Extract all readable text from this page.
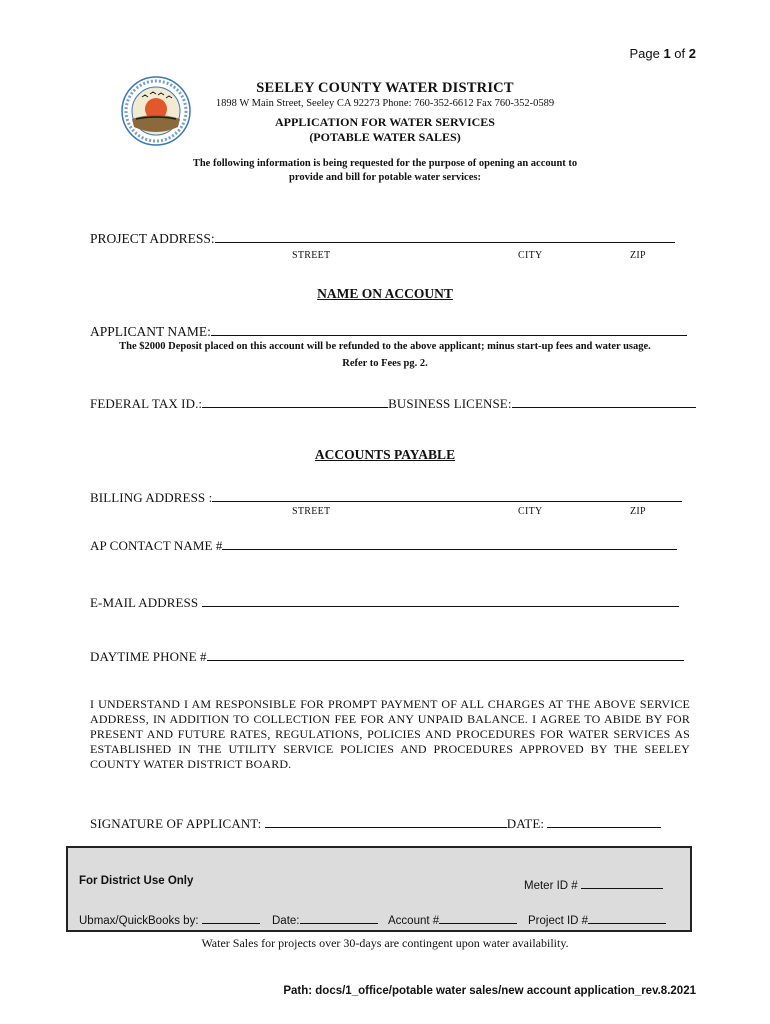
Page 1 of 2
SEELEY COUNTY WATER DISTRICT
1898 W Main Street, Seeley CA 92273 Phone: 760-352-6612 Fax 760-352-0589
APPLICATION FOR WATER SERVICES
(POTABLE WATER SALES)
The following information is being requested for the purpose of opening an account to
provide and bill for potable water services:
PROJECT ADDRESS:
STREET	CITY	ZIP
NAME ON ACCOUNT
APPLICANT NAME:
The $2000 Deposit placed on this account will be refunded to the above applicant; minus start-up fees and water usage.
Refer to Fees pg. 2.
FEDERAL TAX ID.:	BUSINESS LICENSE:
ACCOUNTS PAYABLE
BILLING ADDRESS :
STREET	CITY	ZIP
AP CONTACT NAME #
E-MAIL ADDRESS
DAYTIME PHONE #
I UNDERSTAND I AM RESPONSIBLE FOR PROMPT PAYMENT OF ALL CHARGES AT THE ABOVE SERVICE ADDRESS, IN ADDITION TO COLLECTION FEE FOR ANY UNPAID BALANCE. I AGREE TO ABIDE BY FOR PRESENT AND FUTURE RATES, REGULATIONS, POLICIES AND PROCEDURES FOR WATER SERVICES AS ESTABLISHED IN THE UTILITY SERVICE POLICIES AND PROCEDURES APPROVED BY THE SEELEY COUNTY WATER DISTRICT BOARD.
SIGNATURE OF APPLICANT:	DATE:
For District Use Only	Meter ID #
Ubmax/QuickBooks by:	Date:	Account #	Project ID #
Water Sales for projects over 30-days are contingent upon water availability.
Path: docs/1_office/potable water sales/new account application_rev.8.2021
